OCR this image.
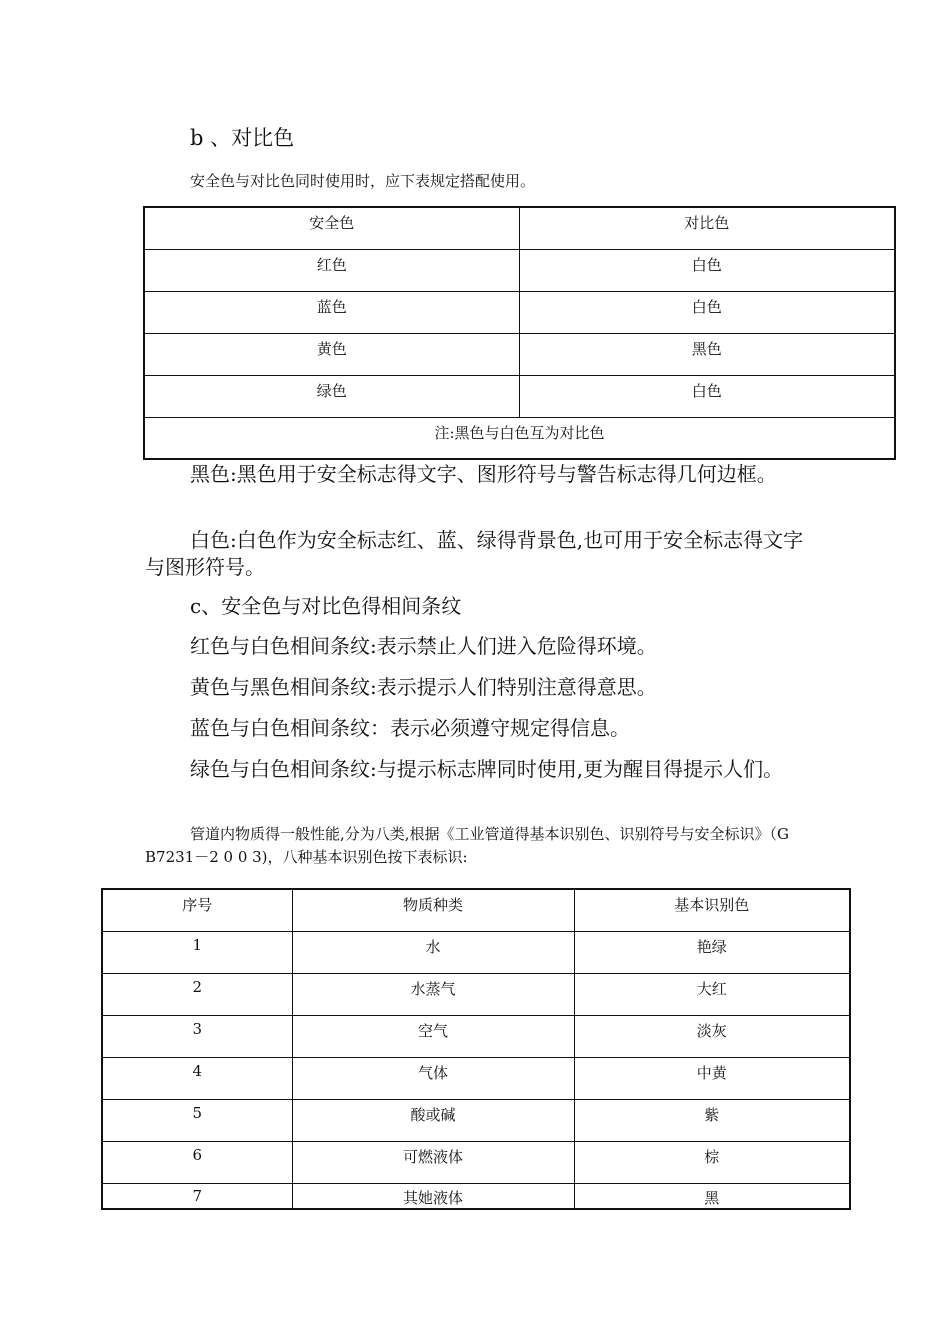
b 、对比色
安全色与对比色同时使用时，应下表规定搭配使用。
安全色	对比色
红色	白色
蓝色	白色
黄色	黑色
绿色	白色
注:黑色与白色互为对比色	
黑色:黑色用于安全标志得文字、图形符号与警告标志得几何边框。
白色:白色作为安全标志红、蓝、绿得背景色,也可用于安全标志得文字与图形符号。
c、安全色与对比色得相间条纹
红色与白色相间条纹:表示禁止人们进入危险得环境。
黄色与黑色相间条纹:表示提示人们特别注意得意思。
蓝色与白色相间条纹：表示必须遵守规定得信息。
绿色与白色相间条纹:与提示标志牌同时使用,更为醒目得提示人们。
管道内物质得一般性能,分为八类,根据《工业管道得基本识别色、识别符号与安全标识》（G B7231－2 0 0 3)，八种基本识别色按下表标识:
序号	物质种类	基本识别色
1	水	艳绿
2	水蒸气	大红
3	空气	淡灰
4	气体	中黄
5	酸或碱	紫
6	可燃液体	棕
7	其她液体	黑
